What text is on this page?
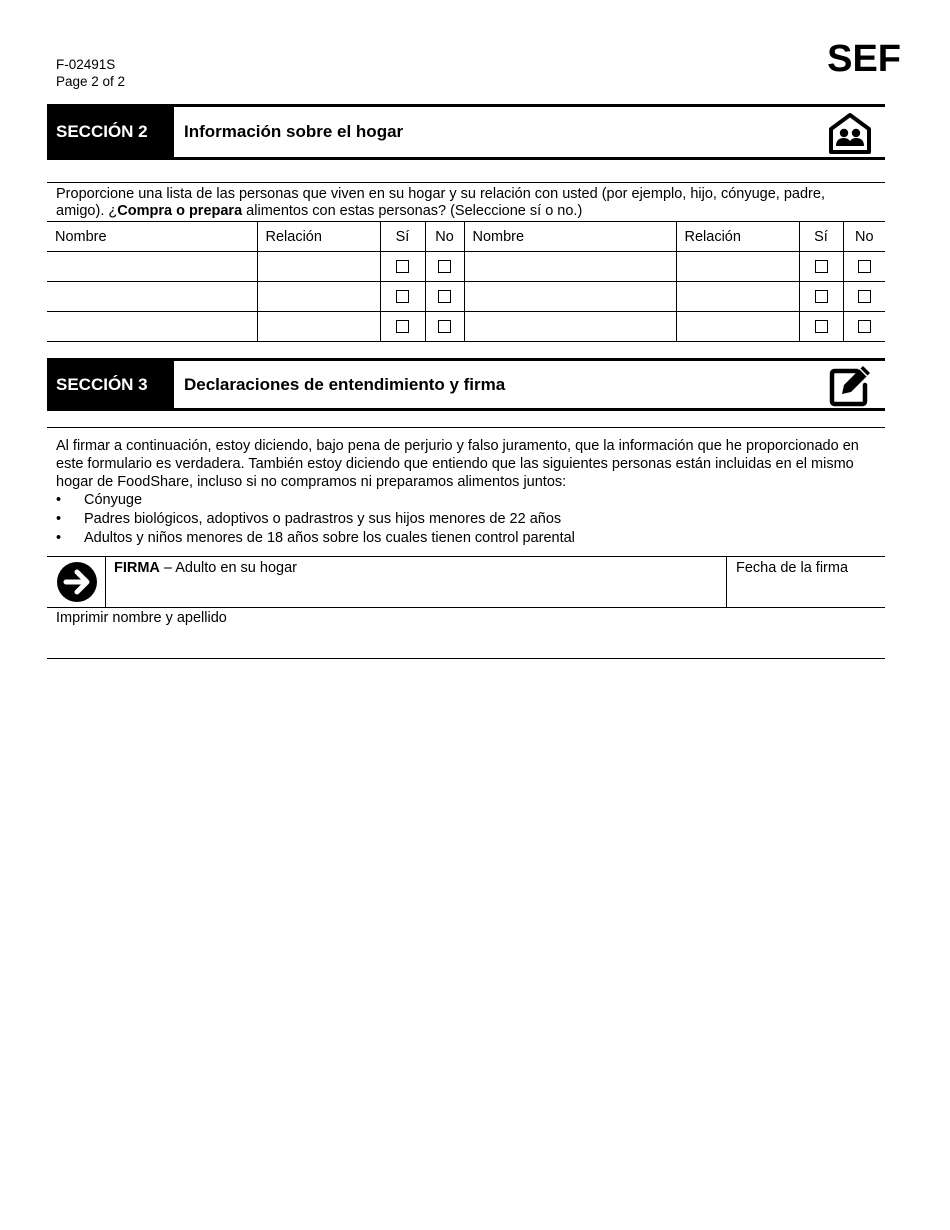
F-02491S
Page 2 of 2
SEF
SECCIÓN 2	Información sobre el hogar
Proporcione una lista de las personas que viven en su hogar y su relación con usted (por ejemplo, hijo, cónyuge, padre, amigo). ¿Compra o prepara alimentos con estas personas? (Seleccione sí o no.)
Nombre	Relación	Sí	No	Nombre	Relación	Sí	No

SECCIÓN 3	Declaraciones de entendimiento y firma

Al firmar a continuación, estoy diciendo, bajo pena de perjurio y falso juramento, que la información que he proporcionado en este formulario es verdadera. También estoy diciendo que entiendo que las siguientes personas están incluidas en el mismo hogar de FoodShare, incluso si no compramos ni preparamos alimentos juntos:

• Cónyuge
• Padres biológicos, adoptivos o padrastros y sus hijos menores de 22 años
• Adultos y niños menores de 18 años sobre los cuales tienen control parental
FIRMA – Adulto en su hogar	Fecha de la firma
Imprimir nombre y apellido
